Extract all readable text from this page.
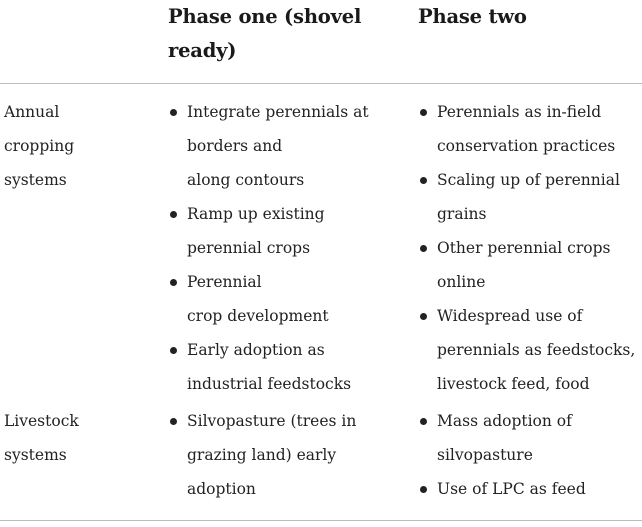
Phase one (shovel
ready)
Phase two
Annual
cropping
systems
Integrate perennials at
borders and
along contours
Ramp up existing
perennial crops
Perennial
crop development
Early adoption as
industrial feedstocks
Perennials as in-field
conservation practices
Scaling up of perennial
grains
Other perennial crops
online
Widespread use of
perennials as feedstocks,
livestock feed, food
Livestock
systems
Silvopasture (trees in
grazing land) early
adoption
Mass adoption of
silvopasture
Use of LPC as feed
